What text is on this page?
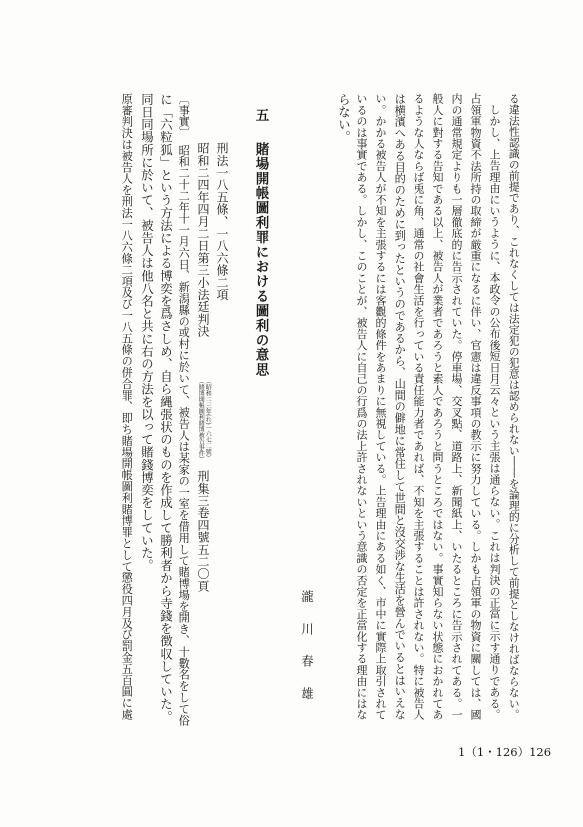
る違法性認識の前提であり、これなくしては法定犯の犯意は認められない――を論理的に分析して前提としなければならない。
しかし、上告理由にいうように、本政令の公布後短日月云々という主張は通らない。これは判決の正當に示す通りである。
占領軍物資不法所持の取締が厳重になるに伴い、官憲は違反事項の教示に努力している。しかも占領軍の物資に關しては、國
内の通常規定よりも一層徹底的に告示されていた。停車場、交叉點、道路上、新聞紙上、いたるところに告示されてある。一
般人に對する告知である以上、被告人が業者であろうと素人であろうと問うところではない。事實知らない状態におかれてあ
るような人ならば兎に角、通常の社會生活を行っている責任能力者であれば、不知を主張することは許されない。特に被告人
は横濱へある目的のために到ったというのであるから、山間の僻地に常住して世間と沒交渉な生活を營んでいるとはいえな
い。かかる被告人が不知を主張するには客觀的條件をあまりに無視している。上告理由にある如く、市中に實際上取引されて
いるのは事實である。しかし、このことが、被告人に自己の行爲の法上許されないという意識の否定を正當化する理由にはな
らない。
瀧川春雄
五
賭場開帳圖利罪における圖利の意思
刑法一八五條、一八六條二項
昭和二四年四月二日第三小法廷判決
（昭和二三年(れ)一六七二號）
（賭博開帳圖利賭博被告事件）
刑集三卷四號五二〇頁
〔事實〕　昭和二十二年十一月六日、新潟縣の或村に於いて、被告人は某家の一室を借用して賭博場を開き、十數名をして俗
に「六粒狐」という方法による博奕を爲さしめ、自ら縄張状のものを作成して勝利者から寺錢を徴収していた。
同日同場所に於いて、被告人は他八名と共に右の方法を以って賭錢博奕をしていた。
原審判決は被告人を刑法一八六條二項及び一八五條の併合罪、即ち賭場開帳圖利賭博罪として懲役四月及び罰金五百圓に處
1（1・126）126
